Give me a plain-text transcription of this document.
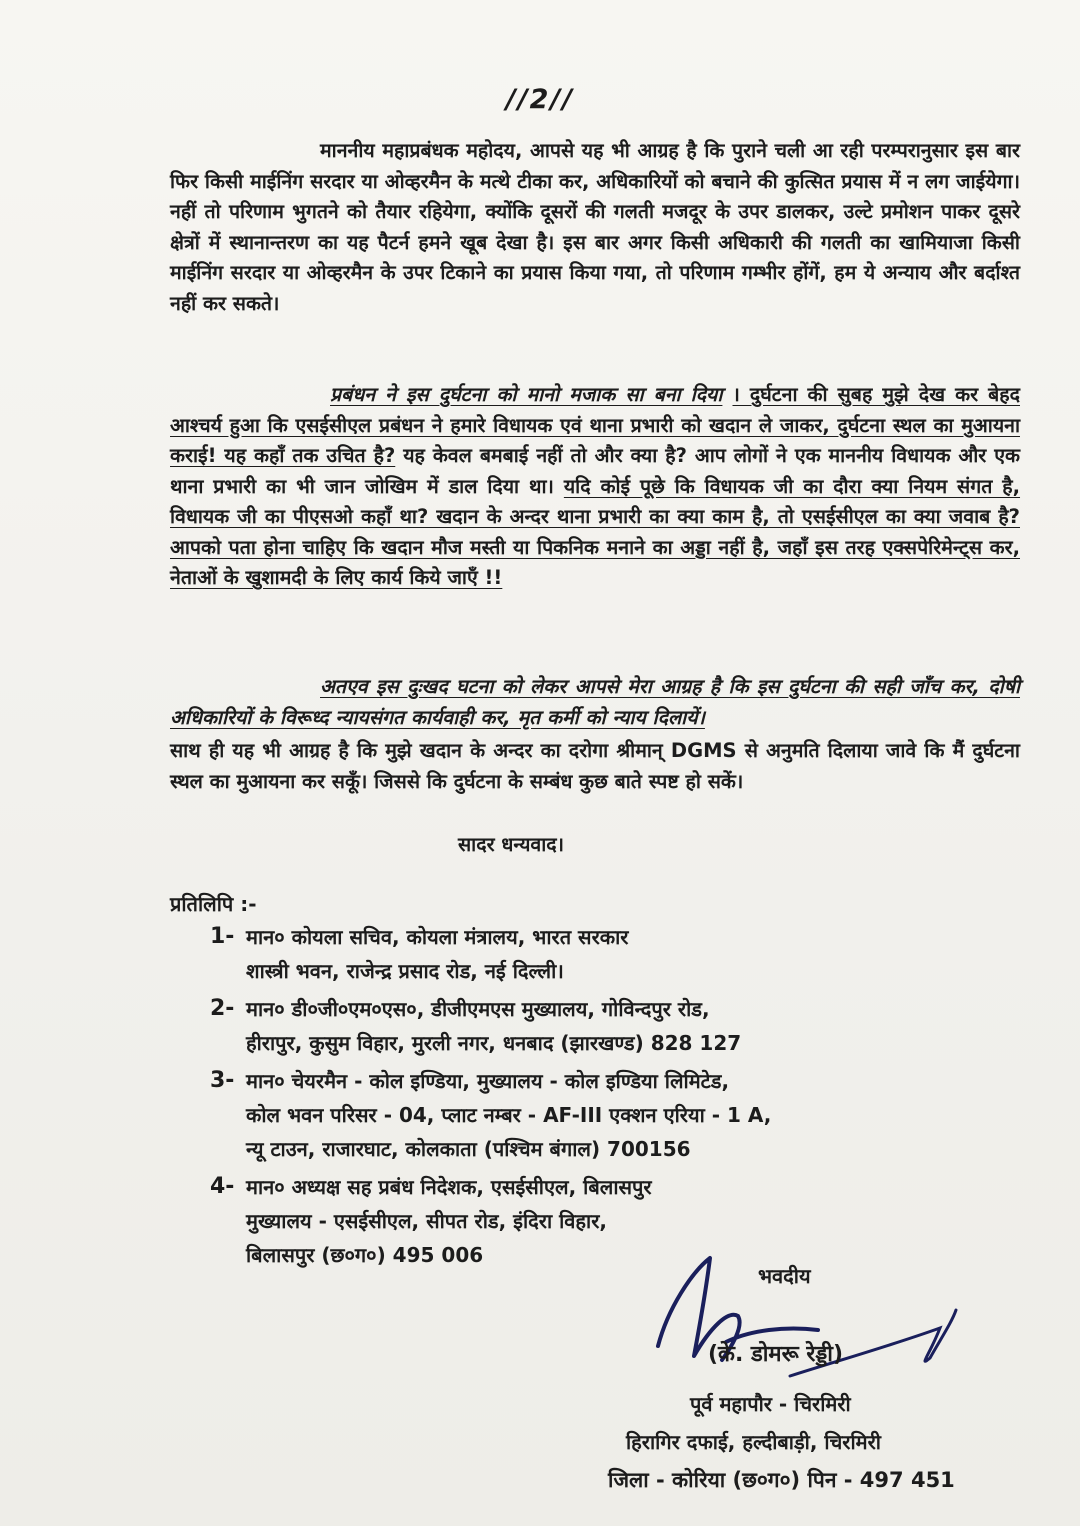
//2//

माननीय महाप्रबंधक महोदय, आपसे यह भी आग्रह है कि पुराने चली आ रही परम्परानुसार इस बार फिर किसी माईनिंग सरदार या ओव्हरमैन के मत्थे टीका कर, अधिकारियों को बचाने की कुत्सित प्रयास में न लग जाईयेगा। नहीं तो परिणाम भुगतने को तैयार रहियेगा, क्योंकि दूसरों की गलती मजदूर के उपर डालकर, उल्टे प्रमोशन पाकर दूसरे क्षेत्रों में स्थानान्तरण का यह पैटर्न हमने खूब देखा है। इस बार अगर किसी अधिकारी की गलती का खामियाजा किसी माईनिंग सरदार या ओव्हरमैन के उपर टिकाने का प्रयास किया गया, तो परिणाम गम्भीर होंगें, हम ये अन्याय और बर्दाश्त नहीं कर सकते।

प्रबंधन ने इस दुर्घटना को मानो मजाक सा बना दिया । दुर्घटना की सुबह मुझे देख कर बेहद आश्चर्य हुआ कि एसईसीएल प्रबंधन ने हमारे विधायक एवं थाना प्रभारी को खदान ले जाकर, दुर्घटना स्थल का मुआयना कराई! यह कहाँ तक उचित है? यह केवल बमबाई नहीं तो और क्या है? आप लोगों ने एक माननीय विधायक और एक थाना प्रभारी का भी जान जोखिम में डाल दिया था। यदि कोई पूछे कि विधायक जी का दौरा क्या नियम संगत है, विधायक जी का पीएसओ कहाँ था? खदान के अन्दर थाना प्रभारी का क्या काम है, तो एसईसीएल का क्या जवाब है? आपको पता होना चाहिए कि खदान मौज मस्ती या पिकनिक मनाने का अड्डा नहीं है, जहाँ इस तरह एक्सपेरिमेन्ट्स कर, नेताओं के खुशामदी के लिए कार्य किये जाएँ !!

अतएव इस दुःखद घटना को लेकर आपसे मेरा आग्रह है कि इस दुर्घटना की सही जाँच कर, दोषी अधिकारियों के विरूध्द न्यायसंगत कार्यवाही कर, मृत कर्मी को न्याय दिलायें।

साथ ही यह भी आग्रह है कि मुझे खदान के अन्दर का दरोगा श्रीमान् DGMS से अनुमति दिलाया जावे कि मैं दुर्घटना स्थल का मुआयना कर सकूँ। जिससे कि दुर्घटना के सम्बंध कुछ बाते स्पष्ट हो सकें।

सादर धन्यवाद।
प्रतिलिपि :-
1- मान० कोयला सचिव, कोयला मंत्रालय, भारत सरकार
शास्त्री भवन, राजेन्द्र प्रसाद रोड, नई दिल्ली।
2- मान० डी०जी०एम०एस०, डीजीएमएस मुख्यालय, गोविन्दपुर रोड,
हीरापुर, कुसुम विहार, मुरली नगर, धनबाद (झारखण्ड) 828 127
3- मान० चेयरमैन - कोल इण्डिया, मुख्यालय - कोल इण्डिया लिमिटेड,
कोल भवन परिसर - 04, प्लाट नम्बर - AF-III एक्शन एरिया - 1 A,
न्यू टाउन, राजारघाट, कोलकाता (पश्चिम बंगाल) 700156
4- मान० अध्यक्ष सह प्रबंध निदेशक, एसईसीएल, बिलासपुर
मुख्यालय - एसईसीएल, सीपत रोड, इंदिरा विहार,
बिलासपुर (छ०ग०) 495 006
भवदीय
(के. डोमरू रेड्डी)
पूर्व महापौर - चिरमिरी
हिरागिर दफाई, हल्दीबाड़ी, चिरमिरी
जिला - कोरिया (छ०ग०) पिन - 497 451
